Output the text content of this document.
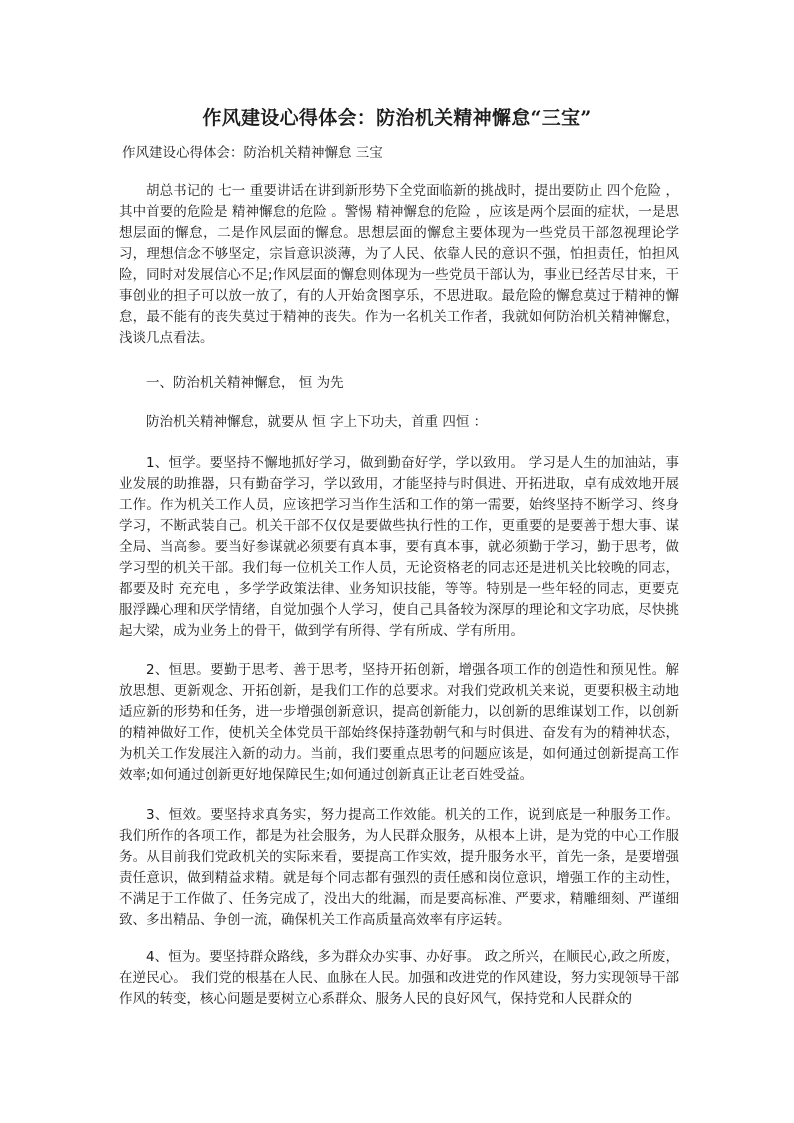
作风建设心得体会：防治机关精神懈怠“三宝”

作风建设心得体会：防治机关精神懈怠 三宝

胡总书记的 七一 重要讲话在讲到新形势下全党面临新的挑战时，提出要防止 四个危险 ，其中首要的危险是 精神懈怠的危险 。警惕 精神懈怠的危险 ，应该是两个层面的症状，一是思想层面的懈怠，二是作风层面的懈怠。思想层面的懈怠主要体现为一些党员干部忽视理论学习，理想信念不够坚定，宗旨意识淡薄，为了人民、依靠人民的意识不强，怕担责任，怕担风险，同时对发展信心不足;作风层面的懈怠则体现为一些党员干部认为，事业已经苦尽甘来，干事创业的担子可以放一放了，有的人开始贪图享乐，不思进取。最危险的懈怠莫过于精神的懈怠，最不能有的丧失莫过于精神的丧失。作为一名机关工作者，我就如何防治机关精神懈怠，浅谈几点看法。

一、防治机关精神懈怠， 恒 为先

防治机关精神懈怠，就要从 恒 字上下功夫，首重 四恒 ：

1、恒学。要坚持不懈地抓好学习，做到勤奋好学，学以致用。 学习是人生的加油站，事业发展的助推器，只有勤奋学习，学以致用，才能坚持与时俱进、开拓进取，卓有成效地开展工作。作为机关工作人员，应该把学习当作生活和工作的第一需要，始终坚持不断学习、终身学习，不断武装自己。机关干部不仅仅是要做些执行性的工作，更重要的是要善于想大事、谋全局、当高参。要当好参谋就必须要有真本事，要有真本事，就必须勤于学习，勤于思考，做学习型的机关干部。我们每一位机关工作人员，无论资格老的同志还是进机关比较晚的同志，都要及时 充充电 ，多学学政策法律、业务知识技能，等等。特别是一些年轻的同志，更要克服浮躁心理和厌学情绪，自觉加强个人学习，使自己具备较为深厚的理论和文字功底，尽快挑起大梁，成为业务上的骨干，做到学有所得、学有所成、学有所用。

2、恒思。要勤于思考、善于思考，坚持开拓创新，增强各项工作的创造性和预见性。解放思想、更新观念、开拓创新，是我们工作的总要求。对我们党政机关来说，更要积极主动地适应新的形势和任务，进一步增强创新意识，提高创新能力，以创新的思维谋划工作，以创新的精神做好工作，使机关全体党员干部始终保持蓬勃朝气和与时俱进、奋发有为的精神状态，为机关工作发展注入新的动力。当前，我们要重点思考的问题应该是，如何通过创新提高工作效率;如何通过创新更好地保障民生;如何通过创新真正让老百姓受益。

3、恒效。要坚持求真务实，努力提高工作效能。机关的工作，说到底是一种服务工作。我们所作的各项工作，都是为社会服务，为人民群众服务，从根本上讲，是为党的中心工作服务。从目前我们党政机关的实际来看，要提高工作实效，提升服务水平，首先一条，是要增强责任意识，做到精益求精。就是每个同志都有强烈的责任感和岗位意识，增强工作的主动性，不满足于工作做了、任务完成了，没出大的纰漏，而是要高标准、严要求，精雕细刻、严谨细致、多出精品、争创一流，确保机关工作高质量高效率有序运转。

4、恒为。要坚持群众路线，多为群众办实事、办好事。 政之所兴，在顺民心,政之所废，在逆民心。 我们党的根基在人民、血脉在人民。加强和改进党的作风建设，努力实现领导干部作风的转变，核心问题是要树立心系群众、服务人民的良好风气，保持党和人民群众的
